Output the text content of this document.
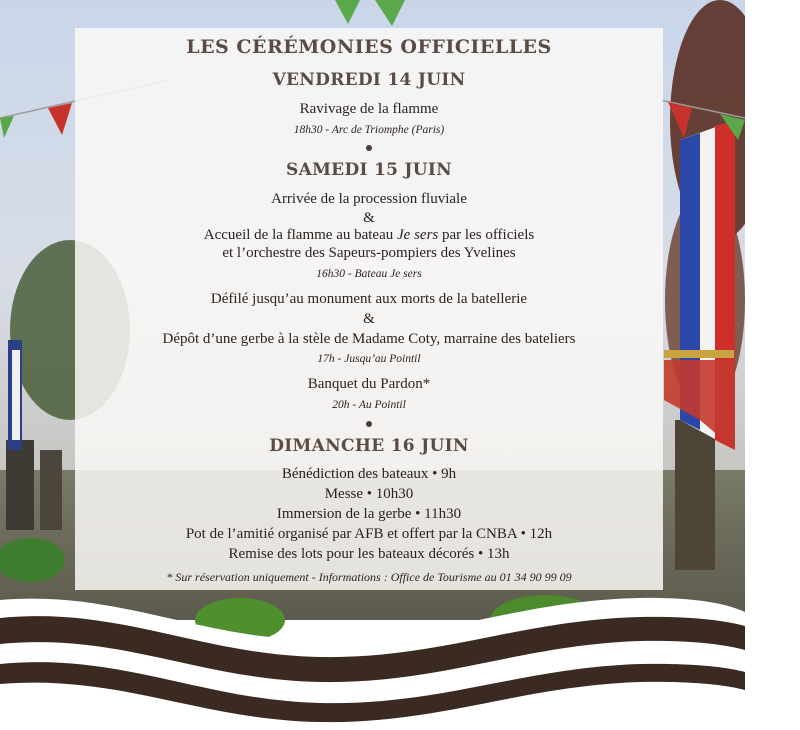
LES CÉRÉMONIES OFFICIELLES
VENDREDI 14 JUIN
Ravivage de la flamme
18h30 - Arc de Triomphe (Paris)
SAMEDI 15 JUIN
Arrivée de la procession fluviale
&
Accueil de la flamme au bateau Je sers par les officiels
et l’orchestre des Sapeurs-pompiers des Yvelines
16h30 - Bateau Je sers
Défilé jusqu’au monument aux morts de la batellerie
&
Dépôt d’une gerbe à la stèle de Madame Coty, marraine des bateliers
17h - Jusqu’au Pointil
Banquet du Pardon*
20h - Au Pointil
DIMANCHE 16 JUIN
Bénédiction des bateaux • 9h
Messe • 10h30
Immersion de la gerbe • 11h30
Pot de l’amitié organisé par AFB et offert par la CNBA • 12h
Remise des lots pour les bateaux décorés • 13h
* Sur réservation uniquement - Informations : Office de Tourisme au 01 34 90 99 09
